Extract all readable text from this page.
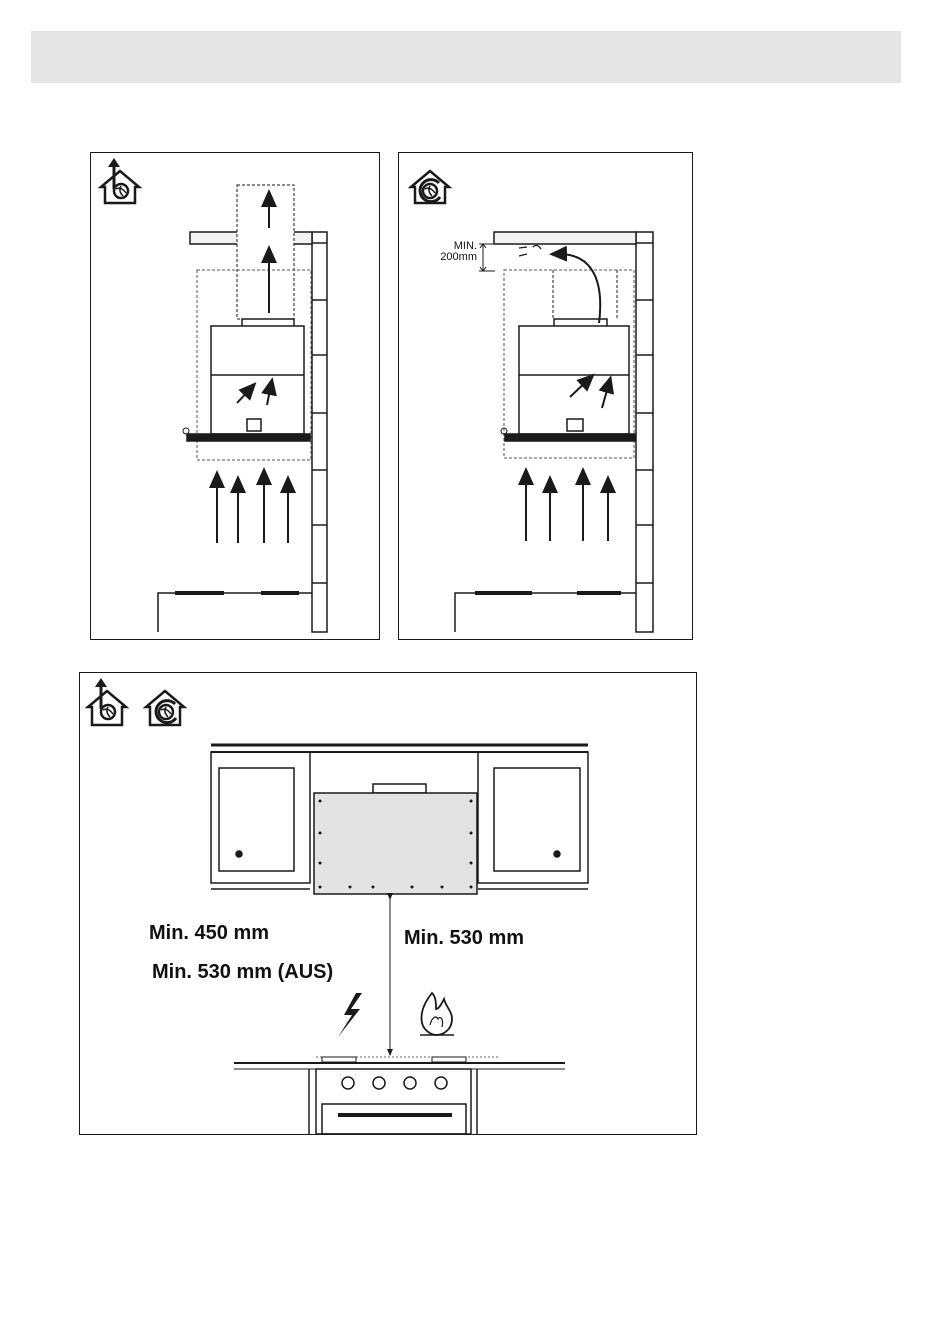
MIN.
200mm
Min. 450 mm
Min. 530 mm (AUS)
Min. 530 mm
